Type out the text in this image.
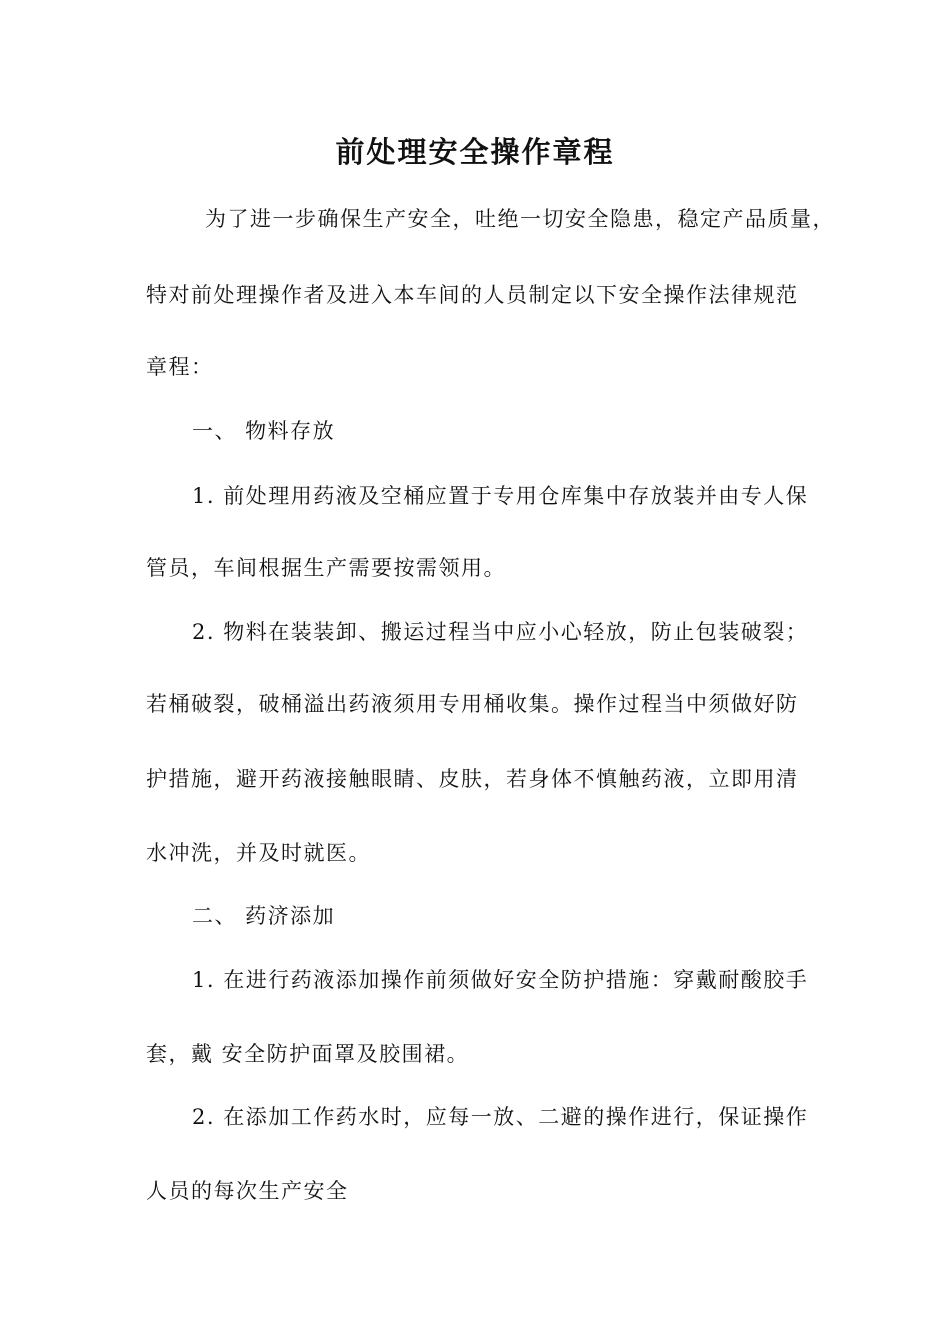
前处理安全操作章程
为了进一步确保生产安全，吐绝一切安全隐患，稳定产品质量，
特对前处理操作者及进入本车间的人员制定以下安全操作法律规范
章程：
一、 物料存放
1. 前处理用药液及空桶应置于专用仓库集中存放装并由专人保
管员，车间根据生产需要按需领用。
2. 物料在装装卸、搬运过程当中应小心轻放，防止包装破裂；
若桶破裂，破桶溢出药液须用专用桶收集。操作过程当中须做好防
护措施，避开药液接触眼睛、皮肤，若身体不慎触药液，立即用清
水冲洗，并及时就医。
二、 药济添加
1. 在进行药液添加操作前须做好安全防护措施：穿戴耐酸胶手
套，戴 安全防护面罩及胶围裙。
2. 在添加工作药水时，应每一放、二避的操作进行，保证操作
人员的每次生产安全
